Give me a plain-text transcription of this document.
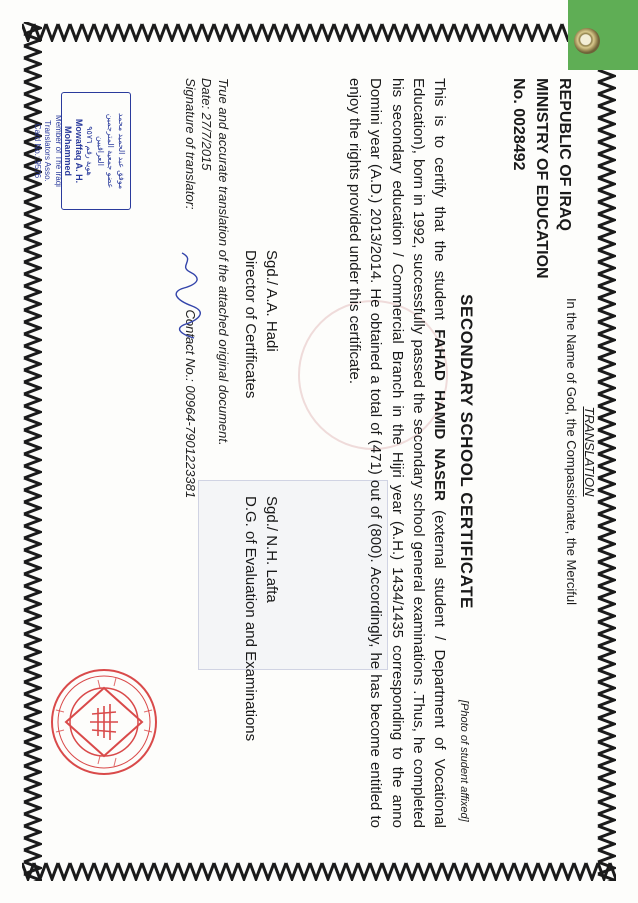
TRANSLATION
In the Name of God, the Compassionate, the Merciful
REPUBLIC OF IRAQ
MINISTRY OF EDUCATION
No. 0028492
SECONDARY SCHOOL CERTIFICATE
[Photo of student affixed]
This is to certify that the student FAHAD HAMID NASER (external student / Department of Vocational Education), born in 1992, successfully passed the secondary school general examinations .Thus, he completed his secondary education / Commercial Branch in the Hijri year (A.H.) 1434/1435 corresponding to the anno Domini year (A.D.) 2013/2014. He obtained a total of (471) out of (800). Accordingly, he has become entitled to enjoy the rights provided under this certificate.
Sgd./ A.A. Hadi
Director of Certificates
Sgd./ N.H. Lafta
D.G. of Evaluation and Examinations
True and accurate translation of the attached original document.
Date: 27/7/2015
Signature of translator:Contact No.: 00964-7901223381
موفق عبد الحميد محمد
عضو جمعية المترجمين العراقيين
هوية رقم ٩٥٧٦
Mowaffaq A. H. Mohammed
Member of The Iraqi Translators Asso.
Card No.: 9576
